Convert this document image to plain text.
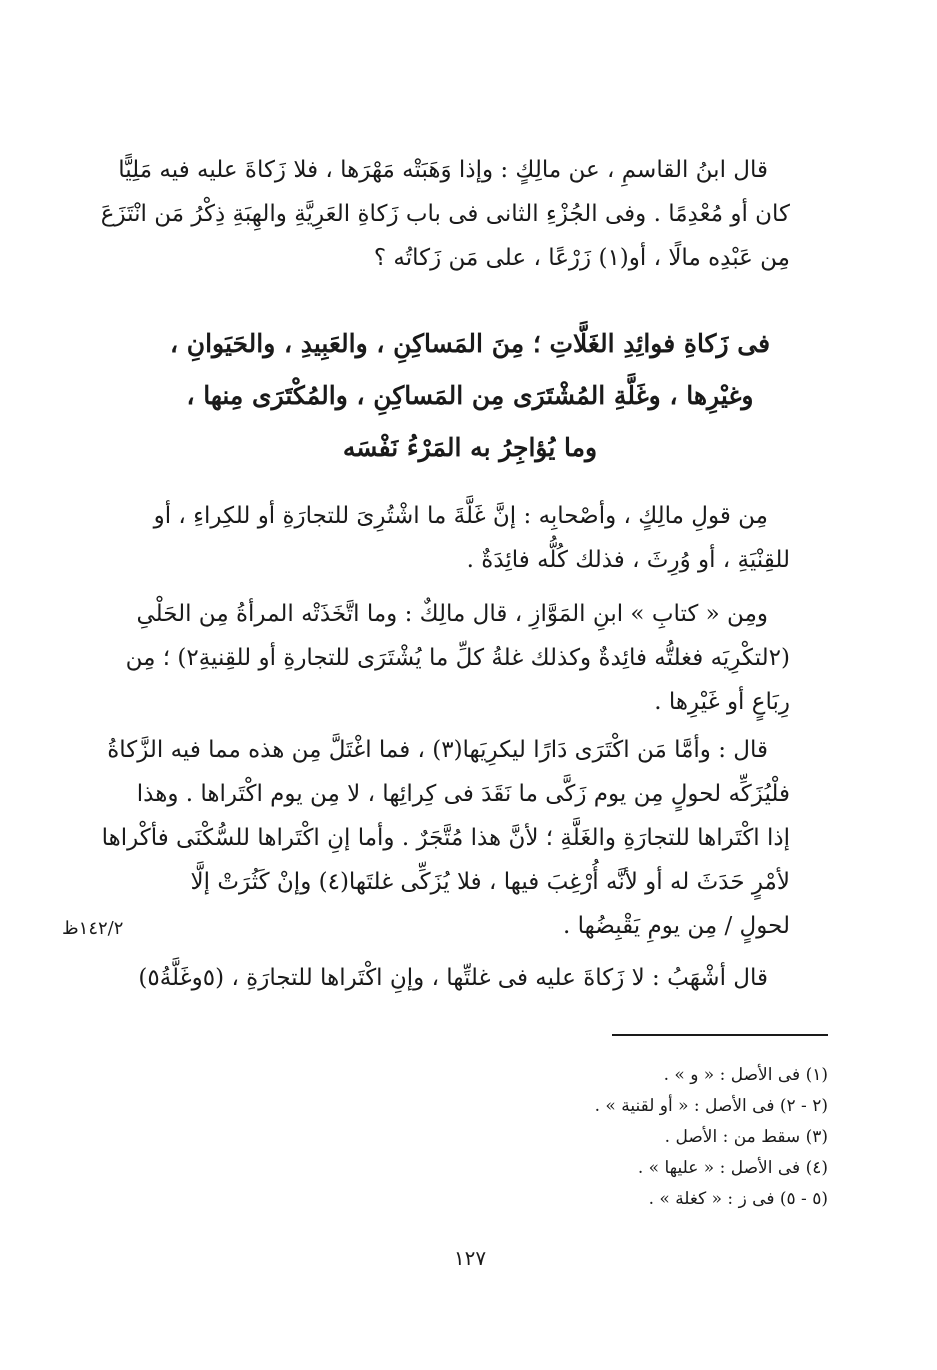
قال ابنُ القاسمِ ، عن مالِكٍ : وإذا وَهَبَتْه مَهْرَها ، فلا زَكاةَ عليه فيه مَلِيًّا
كان أو مُعْدِمًا . وفى الجُزْءِ الثانى فى باب زَكاةِ العَرِيَّةِ والهِبَةِ ذِكْرُ مَن انْتَزَعَ
مِن عَبْدِه مالًا ، أو(١) زَرْعًا ، على مَن زَكاتُه ؟
فى زَكاةِ فوائِدِ الغَلَّاتِ ؛ مِنَ المَساكِنِ ، والعَبِيدِ ، والحَيَوانِ ،
وغيْرِها ، وغَلَّةِ المُشْتَرَى مِن المَساكِنِ ، والمُكْتَرَى مِنها ،
وما يُؤاجِرُ به المَرْءُ نَفْسَه
مِن قولِ مالِكٍ ، وأصْحابِه : إنَّ غَلَّةَ ما اشْتُرِىَ للتجارَةِ أو للكِراءِ ، أو
للقِنْيَةِ ، أو وُرِثَ ، فذلك كُلُّه فائِدَةٌ .
ومِن « كتابِ » ابنِ المَوَّازِ ، قال مالِكٌ : وما اتَّخَذَتْه المرأةُ مِن الحَلْىِ
(٢لتكْرِيَه فغلتُّه فائِدةٌ وكذلك غلةُ كلِّ ما يُشْتَرَى للتجارةِ أو للقِنيةِ٢) ؛ مِن
رِبَاعٍ أو غَيْرِها .
قال : وأمَّا مَن اكْتَرَى دَارًا ليكرِيَها(٣) ، فما اغْتَلَّ مِن هذه مما فيه الزَّكاةُ
فلْيُزَكِّه لحولٍ مِن يوم زَكَّى ما نَقَدَ فى كِرائِها ، لا مِن يوم اكْتَراها . وهذا
إذا اكْتَراها للتجارَةِ والغَلَّةِ ؛ لأنَّ هذا مُتَّجَرٌ . وأما إنِ اكْتَراها للسُّكْنَى فأكْراها
لأمْرٍ حَدَثَ له أو لأنَّه أُرْغِبَ فيها ، فلا يُزَكِّى غلتَها(٤) وإنْ كَثُرَتْ إلَّا
لحولٍ / مِن يومِ يَقْبِضُها .
قال أشْهَبُ : لا زَكاةَ عليه فى غلتِّها ، وإنِ اكْتَراها للتجارَةِ ، (٥وغَلَّةُ٥)
١٤٢/٢ظ
(١) فى الأصل : « و » .
(٢ - ٢) فى الأصل : « أو لقنية » .
(٣) سقط من : الأصل .
(٤) فى الأصل : « عليها » .
(٥ - ٥) فى ز : « كغلة » .
١٢٧
